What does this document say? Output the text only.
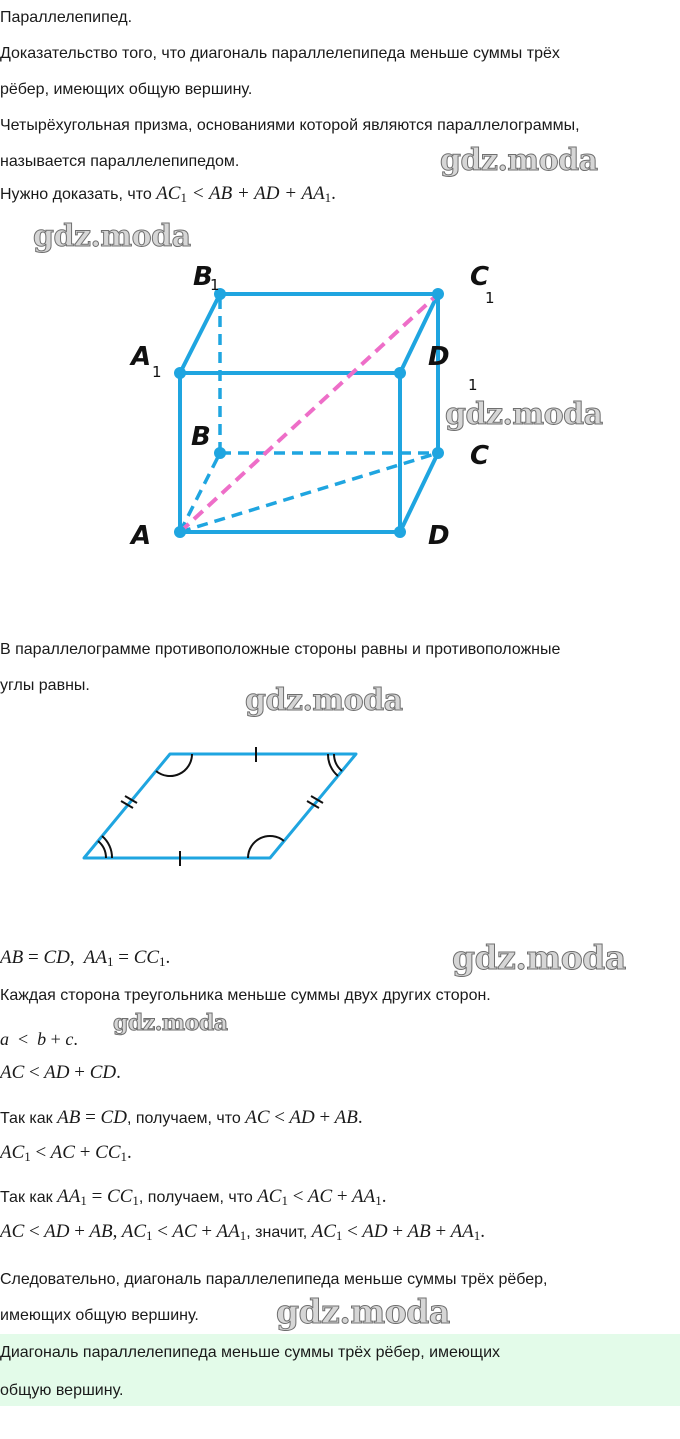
Параллелепипед.
Доказательство того, что диагональ параллелепипеда меньше суммы трёх
рёбер, имеющих общую вершину.
Четырёхугольная призма, основаниями которой являются параллелограммы,
называется параллелепипедом.
Нужно доказать, что $AC_1$ < AB + AD + $AA_1$.
gdz.moda
gdz.moda
gdz.moda
B
1	C
1
A 1	D
1
B
C
A	D
В параллелограмме противоположные стороны равны и противоположные
углы равны.	gdz.moda
AB = CD,  $AA_1 = CC_1$.	gdz.moda
Каждая сторона треугольника меньше суммы двух других сторон.
a  <  b + c.
gdz.moda
AC < AD + CD.
Так как AB = CD, получаем, что AC < AD + AB.
$AC_1$ < AC + $CC_1$.
Так как $AA_1 = CC_1$, получаем, что $AC_1$ < AC + $AA_1$.
AC < AD + AB, $AC_1$ < AC + $AA_1$, значит, $AC_1$ < AD + AB + $AA_1$.
Следовательно, диагональ параллелепипеда меньше суммы трёх рёбер,
имеющих общую вершину. gdz.moda
Диагональ параллелепипеда меньше суммы трёх рёбер, имеющих
общую вершину.
